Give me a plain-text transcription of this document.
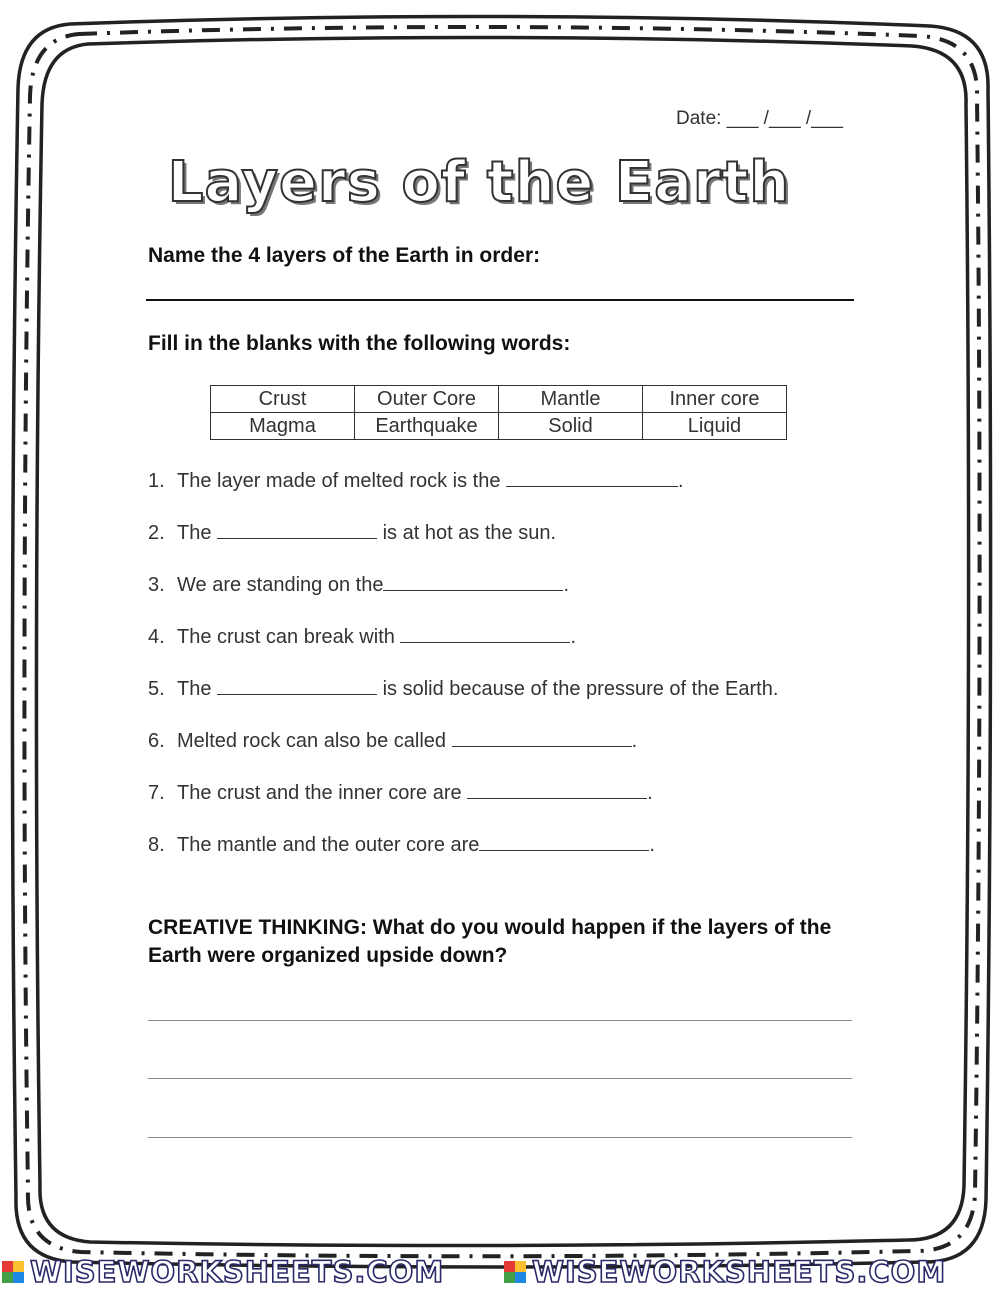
Date: ___ /___ /___
Layers of the Earth
Name the 4 layers of the Earth in order:
Fill in the blanks with the following words:
Crust	Outer Core	Mantle	Inner core
Magma	Earthquake	Solid	Liquid
1. The layer made of melted rock is the	.
2. The	is at hot as the sun.
3. We are standing on the	.
4. The crust can break with	.
5. The	is solid because of the pressure of the Earth.
6. Melted rock can also be called	.
7. The crust and the inner core are	.
8. The mantle and the outer core are	.
CREATIVE THINKING: What do you would happen if the layers of the Earth were organized upside down?
WISEWORKSHEETS.COM	WISEWORKSHEETS.COM
